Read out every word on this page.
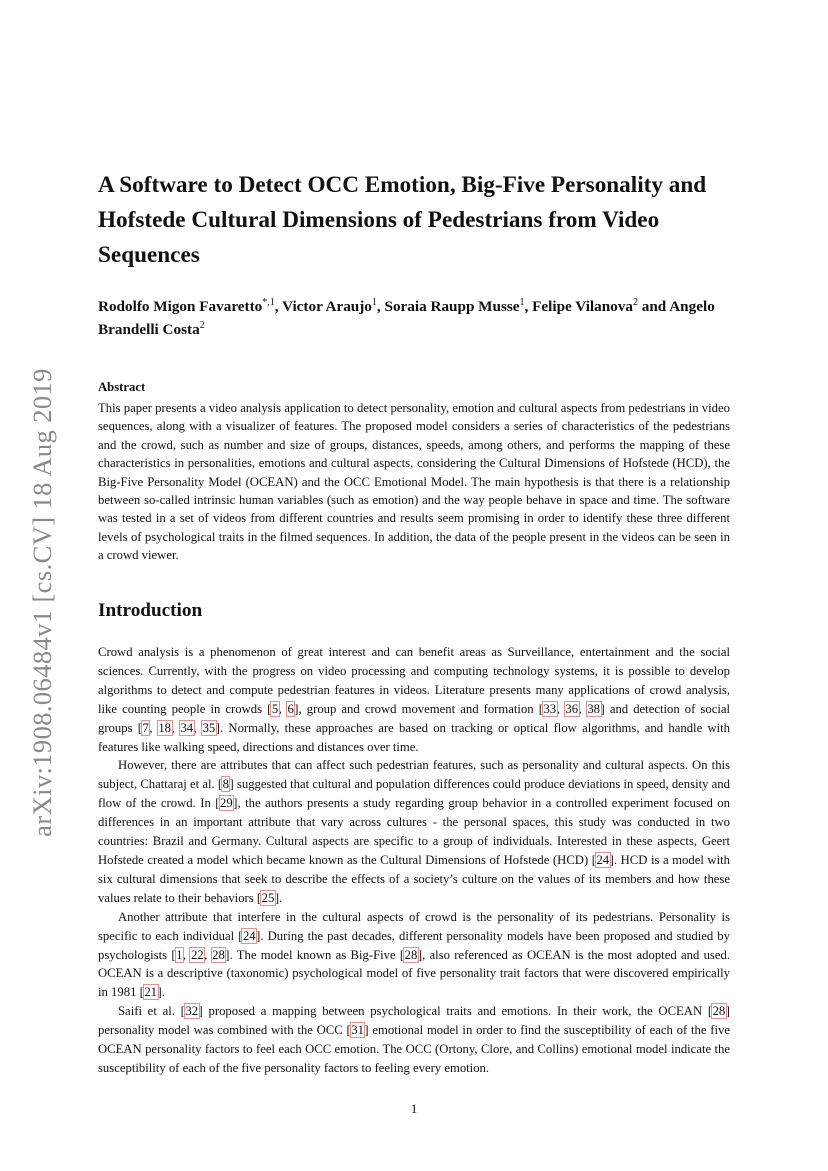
arXiv:1908.06484v1 [cs.CV] 18 Aug 2019
A Software to Detect OCC Emotion, Big-Five Personality and Hofstede Cultural Dimensions of Pedestrians from Video Sequences

Rodolfo Migon Favaretto$^{*,1}$, Victor Araujo$^1$, Soraia Raupp Musse$^1$, Felipe Vilanova$^2$ and Angelo Brandelli Costa$^2$

Abstract

This paper presents a video analysis application to detect personality, emotion and cultural aspects from pedestrians in video sequences, along with a visualizer of features. The proposed model considers a series of characteristics of the pedestrians and the crowd, such as number and size of groups, distances, speeds, among others, and performs the mapping of these characteristics in personalities, emotions and cultural aspects, considering the Cultural Dimensions of Hofstede (HCD), the Big-Five Personality Model (OCEAN) and the OCC Emotional Model. The main hypothesis is that there is a relationship between so-called intrinsic human variables (such as emotion) and the way people behave in space and time. The software was tested in a set of videos from different countries and results seem promising in order to identify these three different levels of psychological traits in the filmed sequences. In addition, the data of the people present in the videos can be seen in a crowd viewer.

Introduction

Crowd analysis is a phenomenon of great interest and can benefit areas as Surveillance, entertainment and the social sciences. Currently, with the progress on video processing and computing technology systems, it is possible to develop algorithms to detect and compute pedestrian features in videos. Literature presents many applications of crowd analysis, like counting people in crowds [5, 6], group and crowd movement and formation [33, 36, 38] and detection of social groups [7, 18, 34, 35]. Normally, these approaches are based on tracking or optical flow algorithms, and handle with features like walking speed, directions and distances over time.

However, there are attributes that can affect such pedestrian features, such as personality and cultural aspects. On this subject, Chattaraj et al. [8] suggested that cultural and population differences could produce deviations in speed, density and flow of the crowd. In [29], the authors presents a study regarding group behavior in a controlled experiment focused on differences in an important attribute that vary across cultures - the personal spaces, this study was conducted in two countries: Brazil and Germany. Cultural aspects are specific to a group of individuals. Interested in these aspects, Geert Hofstede created a model which became known as the Cultural Dimensions of Hofstede (HCD) [24]. HCD is a model with six cultural dimensions that seek to describe the effects of a society’s culture on the values of its members and how these values relate to their behaviors [25].

Another attribute that interfere in the cultural aspects of crowd is the personality of its pedestrians. Personality is specific to each individual [24]. During the past decades, different personality models have been proposed and studied by psychologists [1, 22, 28]. The model known as Big-Five [28], also referenced as OCEAN is the most adopted and used. OCEAN is a descriptive (taxonomic) psychological model of five personality trait factors that were discovered empirically in 1981 [21].

Saifi et al. [32] proposed a mapping between psychological traits and emotions. In their work, the OCEAN [28] personality model was combined with the OCC [31] emotional model in order to find the susceptibility of each of the five OCEAN personality factors to feel each OCC emotion. The OCC (Ortony, Clore, and Collins) emotional model indicate the susceptibility of each of the five personality factors to feeling every emotion.

1
